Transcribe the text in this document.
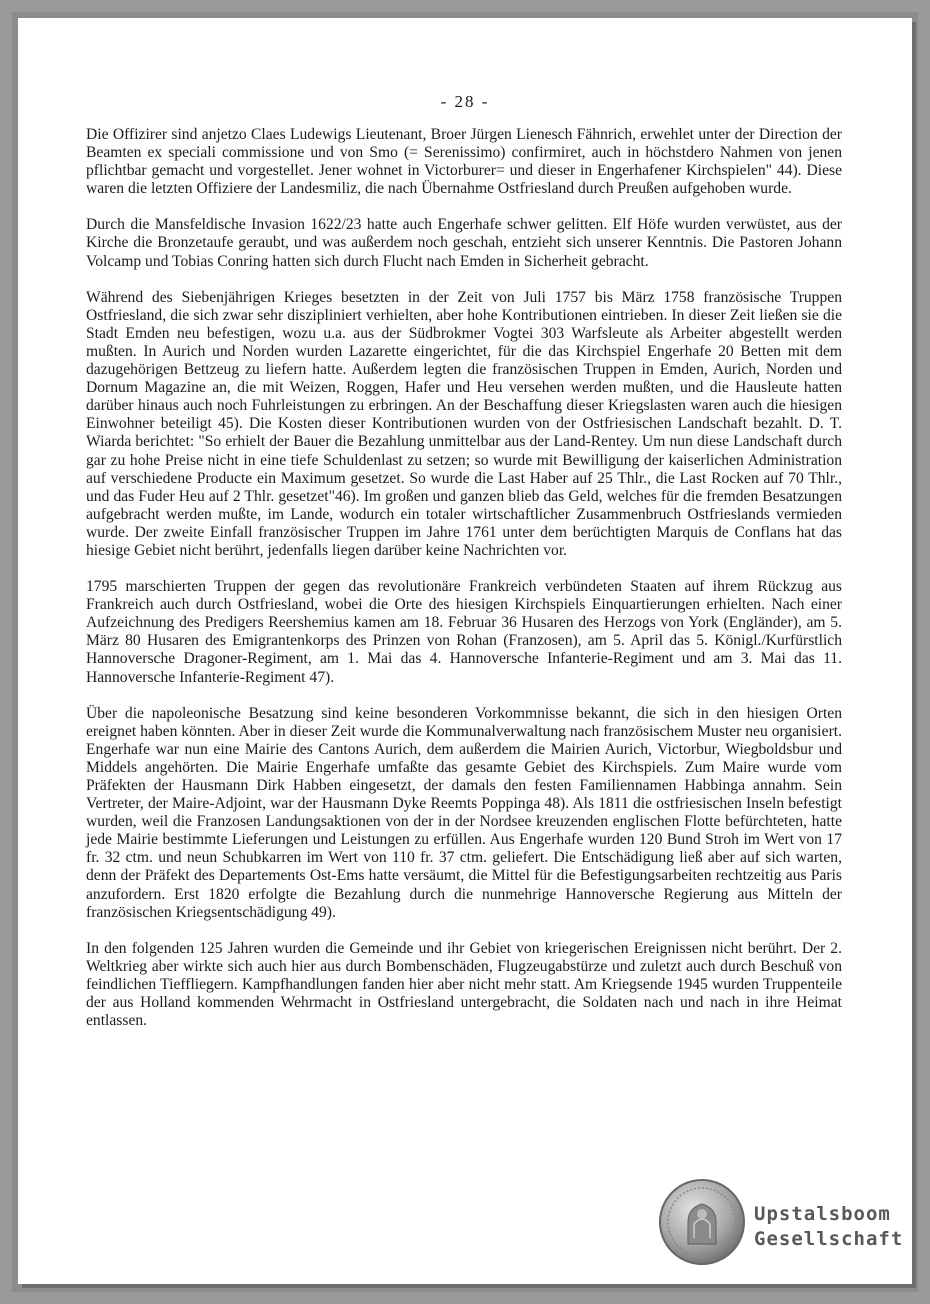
- 28 -

Die Offizirer sind anjetzo Claes Ludewigs Lieutenant, Broer Jürgen Lienesch Fähnrich, erwehlet unter der Direction der Beamten ex speciali commissione und von Smo (= Serenissimo) confirmiret, auch in höchstdero Nahmen von jenen pflichtbar gemacht und vorgestellet. Jener wohnet in Victorburer= und dieser in Engerhafener Kirchspielen" 44). Diese waren die letzten Offiziere der Landesmiliz, die nach Übernahme Ostfriesland durch Preußen aufgehoben wurde.

Durch die Mansfeldische Invasion 1622/23 hatte auch Engerhafe schwer gelitten. Elf Höfe wurden verwüstet, aus der Kirche die Bronzetaufe geraubt, und was außerdem noch geschah, entzieht sich unserer Kenntnis. Die Pastoren Johann Volcamp und Tobias Conring hatten sich durch Flucht nach Emden in Sicherheit gebracht.

Während des Siebenjährigen Krieges besetzten in der Zeit von Juli 1757 bis März 1758 französische Truppen Ostfriesland, die sich zwar sehr diszipliniert verhielten, aber hohe Kontributionen eintrieben. In dieser Zeit ließen sie die Stadt Emden neu befestigen, wozu u.a. aus der Südbrokmer Vogtei 303 Warfsleute als Arbeiter abgestellt werden mußten. In Aurich und Norden wurden Lazarette eingerichtet, für die das Kirchspiel Engerhafe 20 Betten mit dem dazugehörigen Bettzeug zu liefern hatte. Außerdem legten die französischen Truppen in Emden, Aurich, Norden und Dornum Magazine an, die mit Weizen, Roggen, Hafer und Heu versehen werden mußten, und die Hausleute hatten darüber hinaus auch noch Fuhrleistungen zu erbringen. An der Beschaffung dieser Kriegslasten waren auch die hiesigen Einwohner beteiligt 45). Die Kosten dieser Kontributionen wurden von der Ostfriesischen Landschaft bezahlt. D. T. Wiarda berichtet: "So erhielt der Bauer die Bezahlung unmittelbar aus der Land-Rentey. Um nun diese Landschaft durch gar zu hohe Preise nicht in eine tiefe Schuldenlast zu setzen; so wurde mit Bewilligung der kaiserlichen Administration auf verschiedene Producte ein Maximum gesetzet. So wurde die Last Haber auf 25 Thlr., die Last Rocken auf 70 Thlr., und das Fuder Heu auf 2 Thlr. gesetzet"46). Im großen und ganzen blieb das Geld, welches für die fremden Besatzungen aufgebracht werden mußte, im Lande, wodurch ein totaler wirtschaftlicher Zusammenbruch Ostfrieslands vermieden wurde. Der zweite Einfall französischer Truppen im Jahre 1761 unter dem berüchtigten Marquis de Conflans hat das hiesige Gebiet nicht berührt, jedenfalls liegen darüber keine Nachrichten vor.

1795 marschierten Truppen der gegen das revolutionäre Frankreich verbündeten Staaten auf ihrem Rückzug aus Frankreich auch durch Ostfriesland, wobei die Orte des hiesigen Kirchspiels Einquartierungen erhielten. Nach einer Aufzeichnung des Predigers Reershemius kamen am 18. Februar 36 Husaren des Herzogs von York (Engländer), am 5. März 80 Husaren des Emigrantenkorps des Prinzen von Rohan (Franzosen), am 5. April das 5. Königl./Kurfürstlich Hannoversche Dragoner-Regiment, am 1. Mai das 4. Hannoversche Infanterie-Regiment und am 3. Mai das 11. Hannoversche Infanterie-Regiment 47).

Über die napoleonische Besatzung sind keine besonderen Vorkommnisse bekannt, die sich in den hiesigen Orten ereignet haben könnten. Aber in dieser Zeit wurde die Kommunalverwaltung nach französischem Muster neu organisiert. Engerhafe war nun eine Mairie des Cantons Aurich, dem außerdem die Mairien Aurich, Victorbur, Wiegboldsbur und Middels angehörten. Die Mairie Engerhafe umfaßte das gesamte Gebiet des Kirchspiels. Zum Maire wurde vom Präfekten der Hausmann Dirk Habben eingesetzt, der damals den festen Familiennamen Habbinga annahm. Sein Vertreter, der Maire-Adjoint, war der Hausmann Dyke Reemts Poppinga 48). Als 1811 die ostfriesischen Inseln befestigt wurden, weil die Franzosen Landungsaktionen von der in der Nordsee kreuzenden englischen Flotte befürchteten, hatte jede Mairie bestimmte Lieferungen und Leistungen zu erfüllen. Aus Engerhafe wurden 120 Bund Stroh im Wert von 17 fr. 32 ctm. und neun Schubkarren im Wert von 110 fr. 37 ctm. geliefert. Die Entschädigung ließ aber auf sich warten, denn der Präfekt des Departements Ost-Ems hatte versäumt, die Mittel für die Befestigungsarbeiten rechtzeitig aus Paris anzufordern. Erst 1820 erfolgte die Bezahlung durch die nunmehrige Hannoversche Regierung aus Mitteln der französischen Kriegsentschädigung 49).

In den folgenden 125 Jahren wurden die Gemeinde und ihr Gebiet von kriegerischen Ereignissen nicht berührt. Der 2. Weltkrieg aber wirkte sich auch hier aus durch Bombenschäden, Flugzeugabstürze und zuletzt auch durch Beschuß von feindlichen Tieffliegern. Kampfhandlungen fanden hier aber nicht mehr statt. Am Kriegsende 1945 wurden Truppenteile der aus Holland kommenden Wehrmacht in Ostfriesland untergebracht, die Soldaten nach und nach in ihre Heimat entlassen.

Upstalsboom
Gesellschaft
